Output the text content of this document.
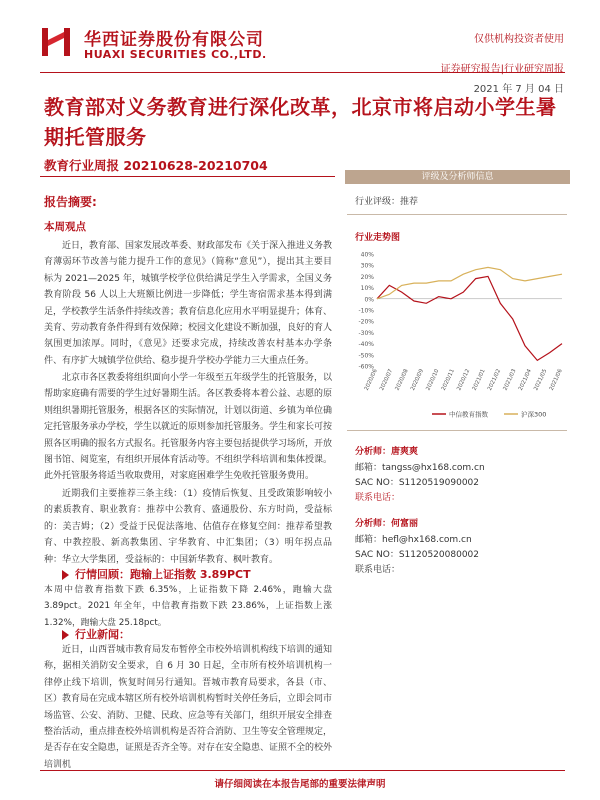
华西证券股份有限公司
HUAXI SECURITIES CO.,LTD.
仅供机构投资者使用
证券研究报告|行业研究周报
2021 年 7 月 04 日
教育部对义务教育进行深化改革，北京市将启动小学生暑期托管服务
教育行业周报 20210628-20210704
报告摘要:
本周观点

近日，教育部、国家发展改革委、财政部发布《关于深入推进义务教育薄弱环节改善与能力提升工作的意见》（简称“意见”），提出其主要目标为 2021—2025 年，城镇学校学位供给满足学生入学需求，全国义务教育阶段 56 人以上大班额比例进一步降低；学生寄宿需求基本得到满足，学校教学生活条件持续改善；教育信息化应用水平明显提升；体育、美育、劳动教育条件得到有效保障；校园文化建设不断加强，良好的育人氛围更加浓厚。同时，《意见》还要求完成，持续改善农村基本办学条件、有序扩大城镇学位供给、稳步提升学校办学能力三大重点任务。

北京市各区教委将组织面向小学一年级至五年级学生的托管服务，以帮助家庭确有需要的学生过好暑期生活。各区教委将本着公益、志愿的原则组织暑期托管服务，根据各区的实际情况，计划以街道、乡镇为单位确定托管服务承办学校，学生以就近的原则参加托管服务。学生和家长可按照各区明确的报名方式报名。托管服务内容主要包括提供学习场所，开放图书馆、阅览室，有组织开展体育活动等。不组织学科培训和集体授课。此外托管服务将适当收取费用，对家庭困难学生免收托管服务费用。

近期我们主要推荐三条主线：（1）疫情后恢复、且受政策影响较小的素质教育、职业教育：推荐中公教育、盛通股份、东方时尚，受益标的：美吉姆；（2）受益于民促法落地、估值存在修复空间：推荐希望教育、中教控股、新高教集团、宇华教育、中汇集团；（3）明年拐点品种：华立大学集团，受益标的：中国新华教育、枫叶教育。

行情回顾：跑输上证指数 3.89PCT

本周中信教育指数下跌 6.35%，上证指数下降 2.46%，跑输大盘 3.89pct。2021 年全年，中信教育指数下跌 23.86%，上证指数上涨 1.32%，跑输大盘 25.18pct。

行业新闻：

近日，山西晋城市教育局发布暂停全市校外培训机构线下培训的通知称，据相关消防安全要求，自 6 月 30 日起，全市所有校外培训机构一律停止线下培训，恢复时间另行通知。晋城市教育局要求，各县（市、区）教育局在完成本辖区所有校外培训机构暂时关停任务后，立即会同市场监管、公安、消防、卫健、民政、应急等有关部门，组织开展安全排查整治活动，重点排查校外培训机构是否符合消防、卫生等安全管理规定，是否存在安全隐患，证照是否齐全等。对存在安全隐患、证照不全的校外培训机

评级及分析师信息
行业评级：推荐
行业走势图
40%
30%
20%
10%
0%
-10%
-20%
-30%
-40%
-50%
-60%
2020/06 2020/07 2020/08 2020/09 2020/10 2020/11 2020/12 2021/01 2021/02 2021/03 2021/04 2021/05 2021/06
中信教育指数	沪深300
分析师：唐爽爽
邮箱：tangss@hx168.com.cn
SAC NO：S1120519090002
联系电话：
分析师：何富丽
邮箱：hefl@hx168.com.cn
SAC NO：S1120520080002
联系电话：
请仔细阅读在本报告尾部的重要法律声明
